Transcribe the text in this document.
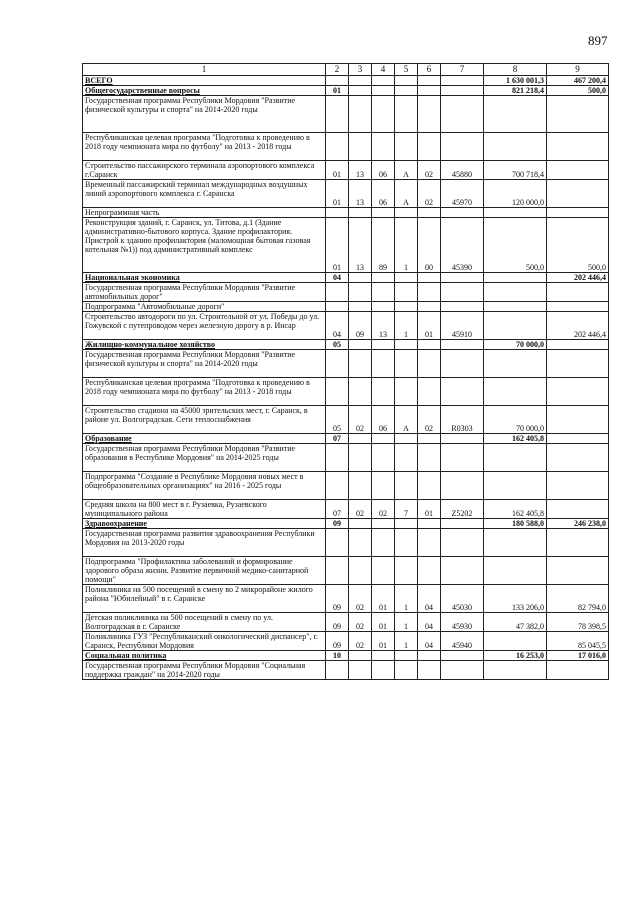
897
1	2	3	4	5	6	7	8	9
ВСЕГО							1 630 001,3	467 200,4
Общегосударственные вопросы	01						821 218,4	500,0
Государственная программа Республики Мордовия "Развитие физической культуры и спорта" на 2014-2020 годы								
Республиканская целевая программа "Подготовка к проведению в 2018 году чемпионата мира по футболу" на 2013 - 2018 годы								
Строительство пассажирского терминала аэропортового комплекса г.Саранск	01	13	06	А	02	45880	700 718,4	
Временный пассажирский терминал международных воздушных линий аэропортового комплекса г. Саранска	01	13	06	А	02	45970	120 000,0	
Непрограммная часть								
Реконструкция зданий, г. Саранск, ул. Титова, д.1 (Здание административно-бытового корпуса. Здание профилактория. Пристрой к зданию профилактория (маломощная бытовая газовая котельная №1)) под административный комплекс	01	13	89	1	00	45390	500,0	500,0
Национальная экономика	04							202 446,4
Государственная программа Республики Мордовия "Развитие автомобильных дорог"								
Подпрограмма "Автомобильные дороги"								
Строительство автодороги по ул. Строительной от ул. Победы до ул. Гожувской с путепроводом через железную дорогу в р. Инсар	04	09	13	1	01	45910		202 446,4
Жилищно-коммунальное хозяйство	05						70 000,0	
Государственная программа Республики Мордовия "Развитие физической культуры и спорта" на 2014-2020 годы								
Республиканская целевая программа "Подготовка к проведению в 2018 году чемпионата мира по футболу" на 2013 - 2018 годы								
Строительство стадиона на 45000 зрительских мест, г. Саранск, в районе ул. Волгоградская. Сети теплоснабжения	05	02	06	А	02	R0303	70 000,0	
Образование	07						162 405,8	
Государственная программа Республики Мордовия "Развитие образования в Республике Мордовия" на 2014-2025 годы								
Подпрограмма "Создание в Республике Мордовия новых мест в общеобразовательных организациях" на 2016 - 2025 годы								
Средняя школа на 800 мест в г. Рузаевка, Рузаевского муниципального района	07	02	02	7	01	Z5202	162 405,8	
Здравоохранение	09						180 588,0	246 238,0
Государственная программа развития здравоохранения Республики Мордовия на 2013-2020 годы								
Подпрограмма "Профилактика заболеваний и формирование здорового образа жизни. Развитие первичной медико-санитарной помощи"								
Поликлиника на 500 посещений в смену во 2 микрорайоне жилого района "Юбилейный" в г. Саранске	09	02	01	1	04	45030	133 206,0	82 794,0
Детская поликлиника на 500 посещений в смену по ул. Волгоградская в г. Саранске	09	02	01	1	04	45930	47 382,0	78 398,5
Поликлиника ГУЗ "Республиканский онкологический диспансер", г. Саранск, Республики Мордовия	09	02	01	1	04	45940		85 045,5
Социальная политика	10						16 253,0	17 016,0
Государственная программа Республики Мордовия "Социальная поддержка граждан" на 2014-2020 годы								
